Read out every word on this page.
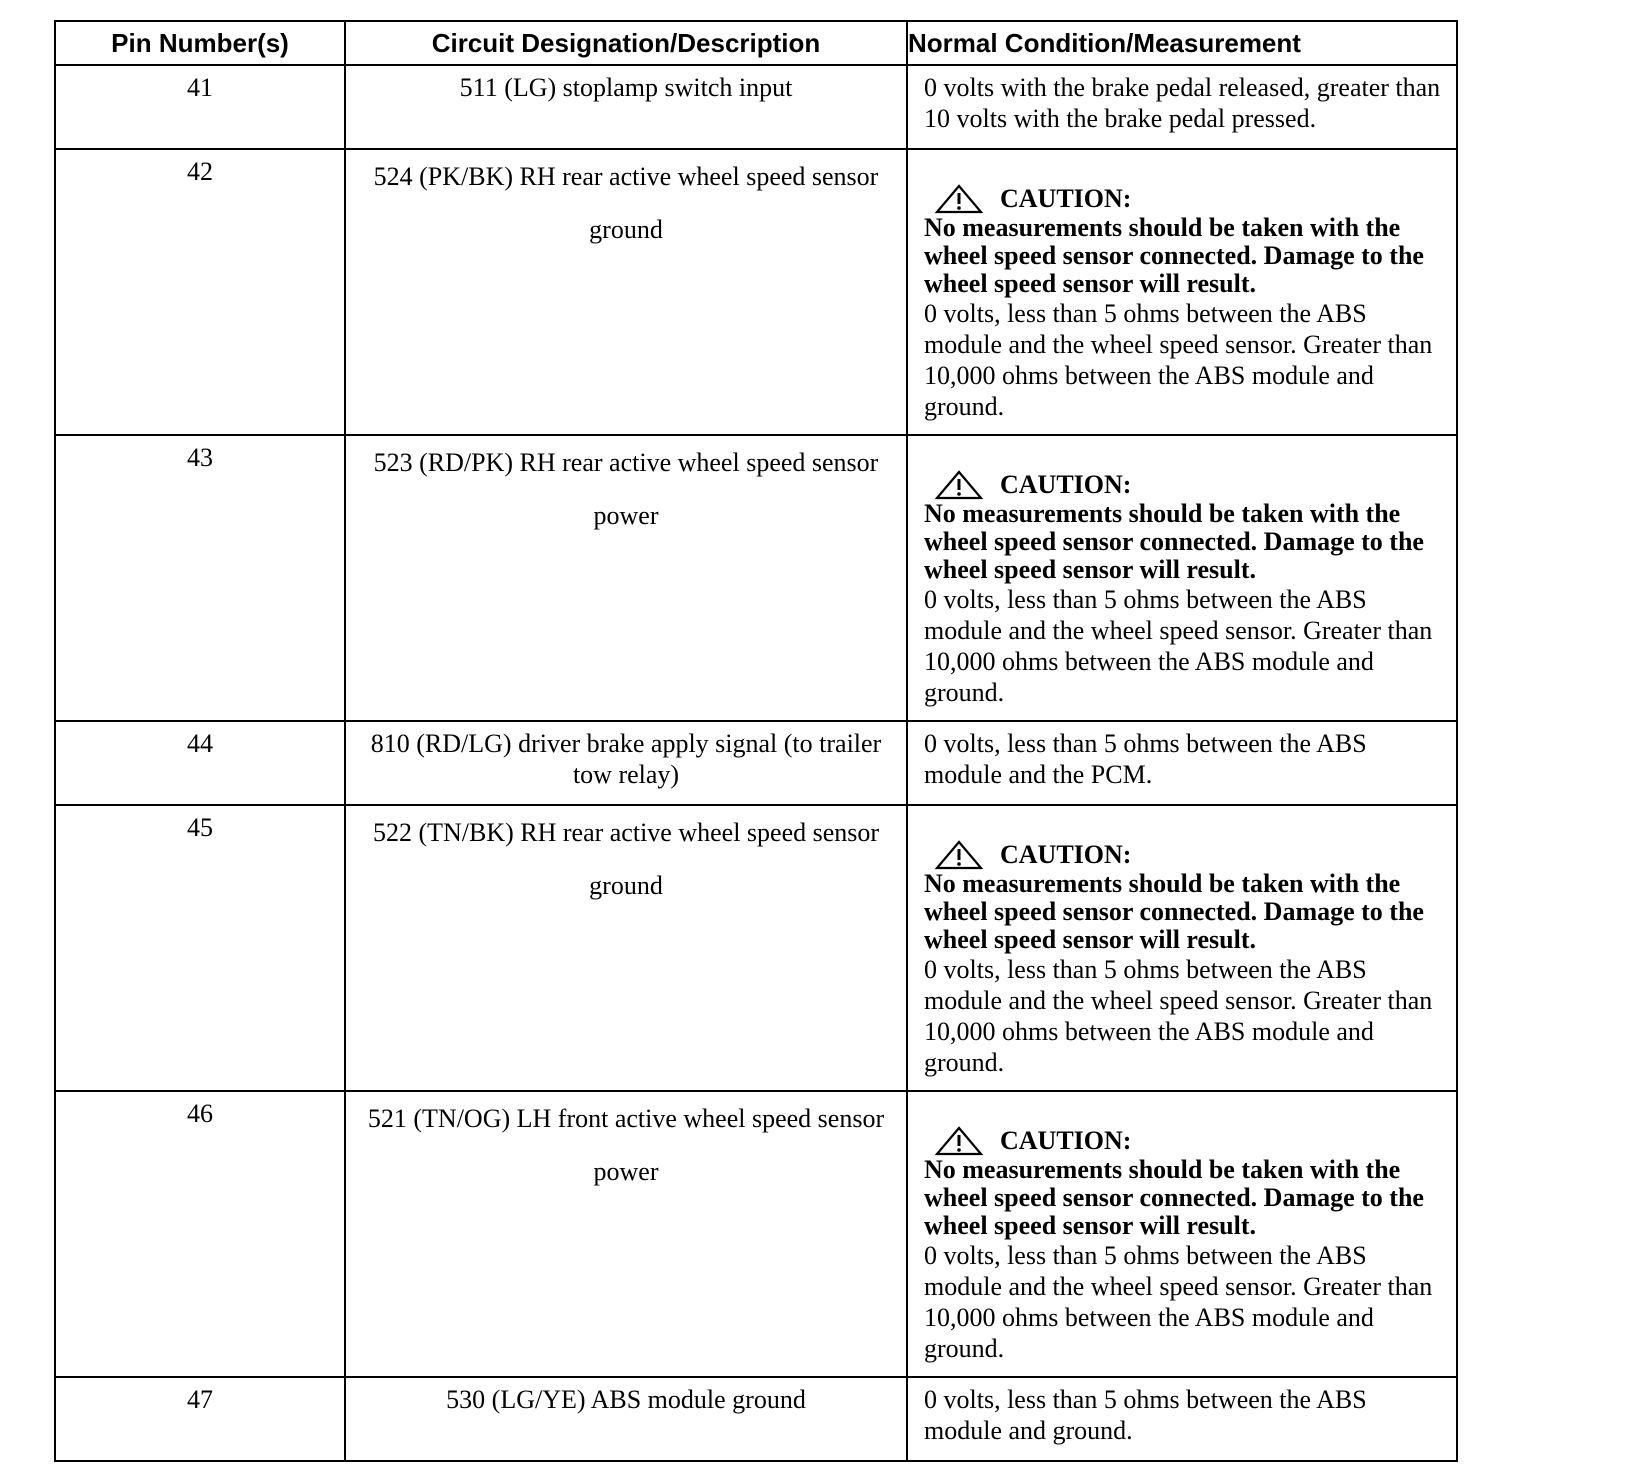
Pin Number(s)	Circuit Designation/Description	Normal Condition/Measurement
41	511 (LG) stoplamp switch input	0 volts with the brake pedal released, greater than 10 volts with the brake pedal pressed.

42	524 (PK/BK) RH rear active wheel speed sensor ground	CAUTION:
No measurements should be taken with the wheel speed sensor connected. Damage to the wheel speed sensor will result.
0 volts, less than 5 ohms between the ABS module and the wheel speed sensor. Greater than 10,000 ohms between the ABS module and ground.

43	523 (RD/PK) RH rear active wheel speed sensor power	CAUTION:
No measurements should be taken with the wheel speed sensor connected. Damage to the wheel speed sensor will result.
0 volts, less than 5 ohms between the ABS module and the wheel speed sensor. Greater than 10,000 ohms between the ABS module and ground.

44	810 (RD/LG) driver brake apply signal (to trailer tow relay)	0 volts, less than 5 ohms between the ABS module and the PCM.

45	522 (TN/BK) RH rear active wheel speed sensor ground	CAUTION:
No measurements should be taken with the wheel speed sensor connected. Damage to the wheel speed sensor will result.
0 volts, less than 5 ohms between the ABS module and the wheel speed sensor. Greater than 10,000 ohms between the ABS module and ground.

46	521 (TN/OG) LH front active wheel speed sensor power	CAUTION:
No measurements should be taken with the wheel speed sensor connected. Damage to the wheel speed sensor will result.
0 volts, less than 5 ohms between the ABS module and the wheel speed sensor. Greater than 10,000 ohms between the ABS module and ground.

47	530 (LG/YE) ABS module ground	0 volts, less than 5 ohms between the ABS module and ground.
